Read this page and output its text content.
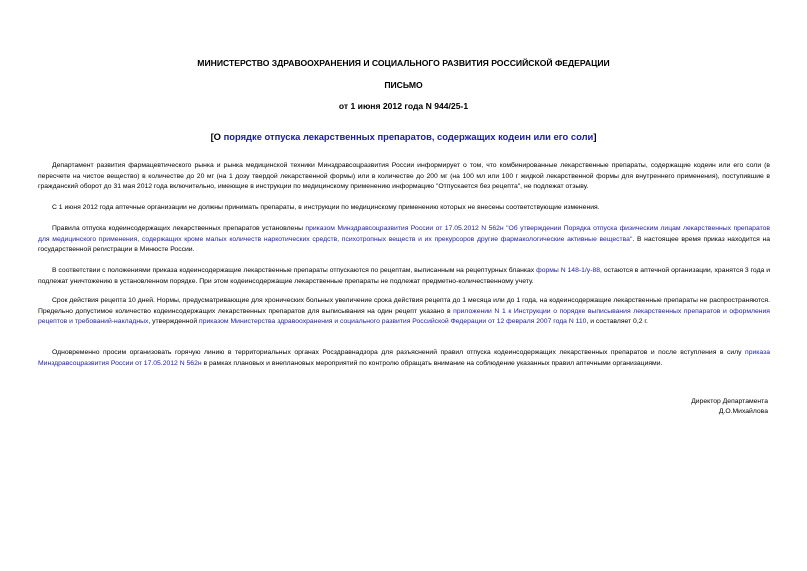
МИНИСТЕРСТВО ЗДРАВООХРАНЕНИЯ И СОЦИАЛЬНОГО РАЗВИТИЯ РОССИЙСКОЙ ФЕДЕРАЦИИ
ПИСЬМО
от 1 июня 2012 года N 944/25-1
[О порядке отпуска лекарственных препаратов, содержащих кодеин или его соли]

Департамент развития фармацевтического рынка и рынка медицинской техники Минздравсоцразвития России информирует о том, что комбинированные лекарственные препараты, содержащие кодеин или его соли (в пересчете на чистое вещество) в количестве до 20 мг (на 1 дозу твердой лекарственной формы) или в количестве до 200 мг (на 100 мл или 100 г жидкой лекарственной формы для внутреннего применения), поступившие в гражданский оборот до 31 мая 2012 года включительно, имеющие в инструкции по медицинскому применению информацию "Отпускается без рецепта", не подлежат отзыву.

С 1 июня 2012 года аптечные организации не должны принимать препараты, в инструкции по медицинскому применению которых не внесены соответствующие изменения.

Правила отпуска кодеинсодержащих лекарственных препаратов установлены приказом Минздравсоцразвития России от 17.05.2012 N 562н "Об утверждении Порядка отпуска физическим лицам лекарственных препаратов для медицинского применения, содержащих кроме малых количеств наркотических средств, психотропных веществ и их прекурсоров другие фармакологические активные вещества". В настоящее время приказ находится на государственной регистрации в Минюсте России.

В соответствии с положениями приказа кодеинсодержащие лекарственные препараты отпускаются по рецептам, выписанным на рецептурных бланках формы N 148-1/у-88, остаются в аптечной организации, хранятся 3 года и подлежат уничтожению в установленном порядке. При этом кодеинсодержащие лекарственные препараты не подлежат предметно-количественному учету.

Срок действия рецепта 10 дней. Нормы, предусматривающие для хронических больных увеличение срока действия рецепта до 1 месяца или до 1 года, на кодеинсодержащие лекарственные препараты не распространяются. Предельно допустимое количество кодеинсодержащих лекарственных препаратов для выписывания на один рецепт указано в приложении N 1 к Инструкции о порядке выписывания лекарственных препаратов и оформления рецептов и требований-накладных, утвержденной приказом Министерства здравоохранения и социального развития Российской Федерации от 12 февраля 2007 года N 110, и составляет 0,2 г.

Одновременно просим организовать горячую линию в территориальных органах Росздравнадзора для разъяснений правил отпуска кодеинсодержащих лекарственных препаратов и после вступления в силу приказа Минздравсоцразвития России от 17.05.2012 N 562н в рамках плановых и внеплановых мероприятий по контролю обращать внимание на соблюдение указанных правил аптечными организациями.

Директор Департамента
Д.О.Михайлова
